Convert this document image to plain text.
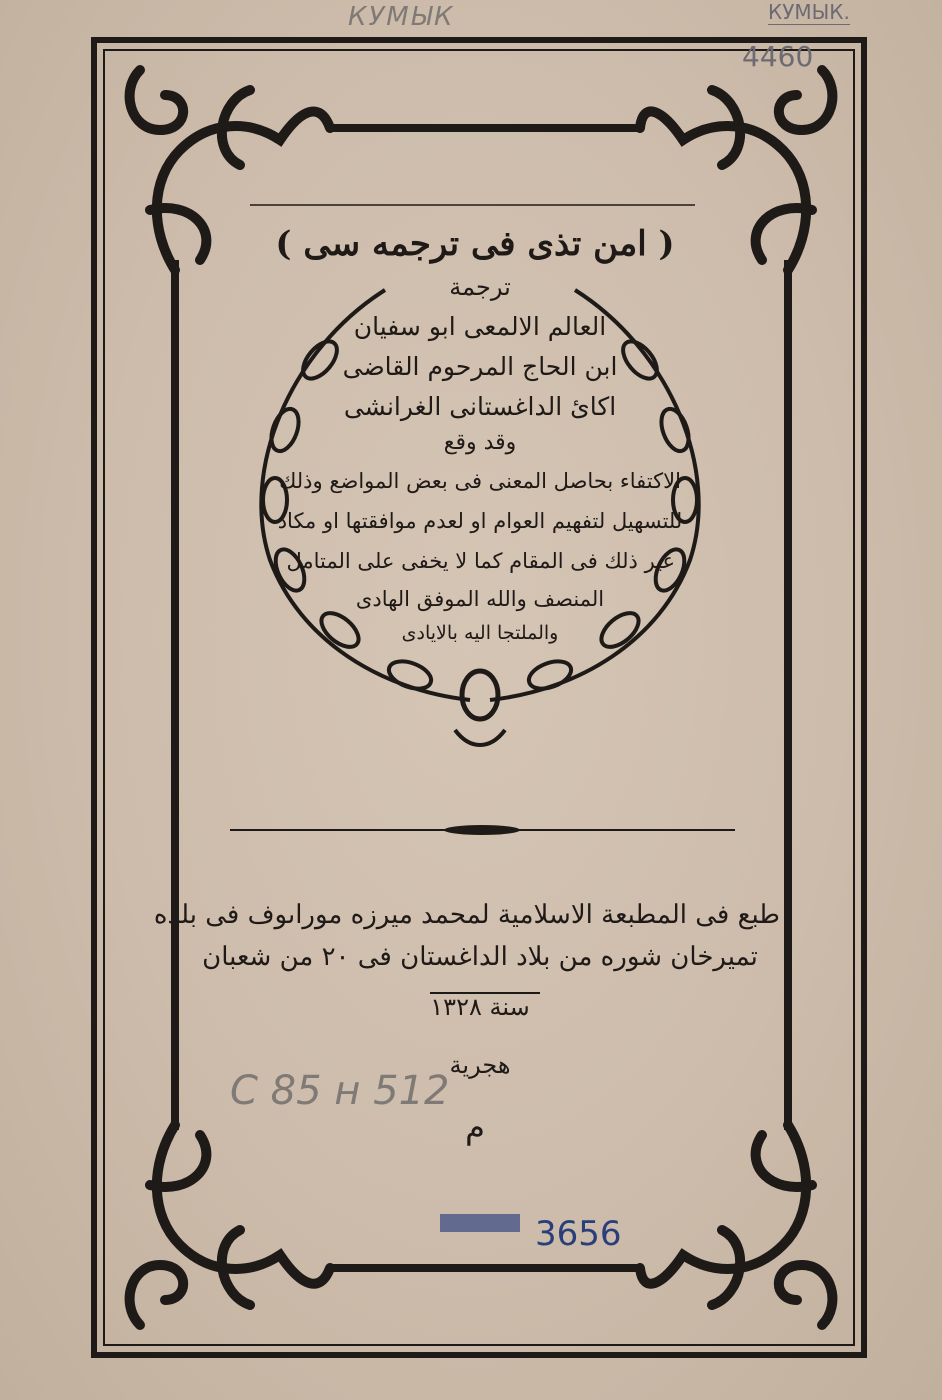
( امن تذى فى ترجمه سى )
ترجمة
العالم الالمعى ابو سفيان
ابن الحاج المرحوم القاضى
اكائ الداغستانى الغرانشى
وقد وقع
الاكتفاء بحاصل المعنى فى بعض المواضع وذلك
للتسهيل لتفهيم العوام او لعدم موافقتها او مكاد
غير ذلك فى المقام كما لا يخفى على المتامل
المنصف والله الموفق الهادى
والملتجا اليه بالايادى
طبع فى المطبعة الاسلامية لمحمد ميرزه موراىوف فى بلده
تميرخان شوره من بلاد الداغستان فى ٢٠ من شعبان
سنة ١٣٢٨
هجرية
م
КУМЫК	КУМЫК.
4460
С 85 н 512
3656
